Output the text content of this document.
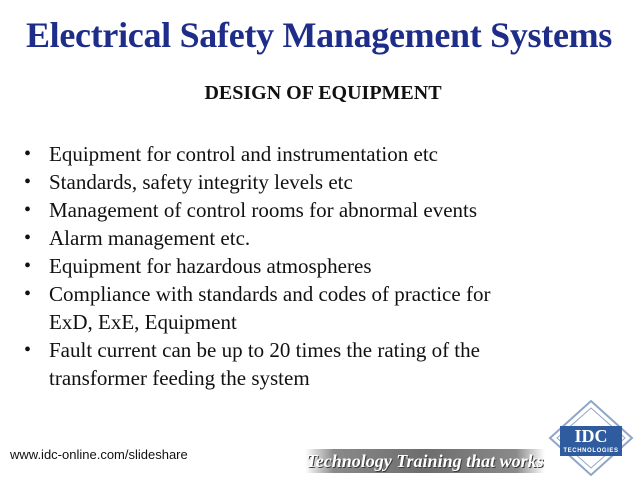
Electrical Safety Management Systems
DESIGN OF EQUIPMENT
• Equipment for control and instrumentation etc
• Standards, safety integrity levels etc
• Management of control rooms for abnormal events
• Alarm management etc.
• Equipment for hazardous atmospheres
• Compliance with standards and codes of practice for
ExD, ExE, Equipment
• Fault current can be up to 20 times the rating of the
transformer feeding the system
www.idc-online.com/slideshare	Technology Training that works
IDC
TECHNOLOGIES
